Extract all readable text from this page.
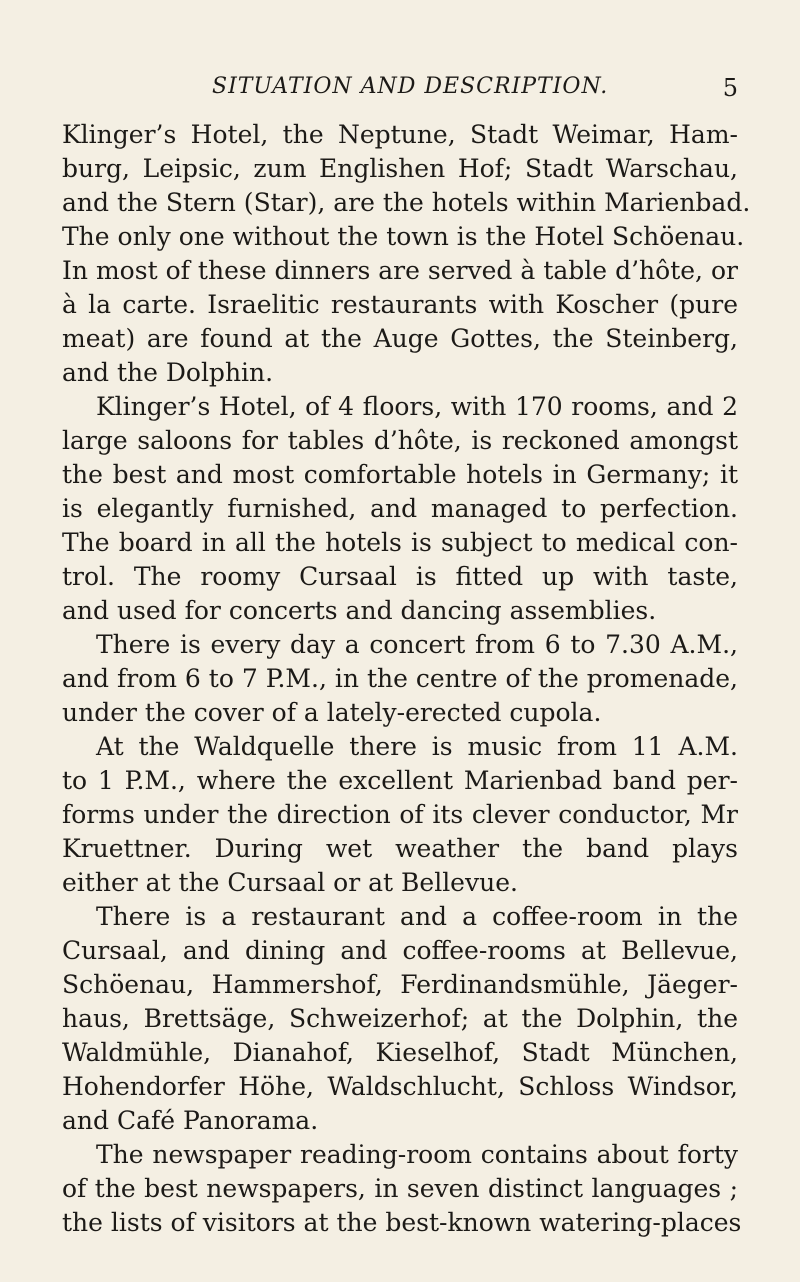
SITUATION AND DESCRIPTION.	5
Klinger’s Hotel, the Neptune, Stadt Weimar, Ham-
burg, Leipsic, zum Englishen Hof; Stadt Warschau,
and the Stern (Star), are the hotels within Marienbad.
The only one without the town is the Hotel Schöenau.
In most of these dinners are served à table d’hôte, or
à la carte. Israelitic restaurants with Koscher (pure
meat) are found at the Auge Gottes, the Steinberg,
and the Dolphin.
Klinger’s Hotel, of 4 floors, with 170 rooms, and 2
large saloons for tables d’hôte, is reckoned amongst
the best and most comfortable hotels in Germany; it
is elegantly furnished, and managed to perfection.
The board in all the hotels is subject to medical con-
trol. The roomy Cursaal is fitted up with taste,
and used for concerts and dancing assemblies.
There is every day a concert from 6 to 7.30 A.M.,
and from 6 to 7 P.M., in the centre of the promenade,
under the cover of a lately-erected cupola.
At the Waldquelle there is music from 11 A.M.
to 1 P.M., where the excellent Marienbad band per-
forms under the direction of its clever conductor, Mr
Kruettner. During wet weather the band plays
either at the Cursaal or at Bellevue.
There is a restaurant and a coffee-room in the
Cursaal, and dining and coffee-rooms at Bellevue,
Schöenau, Hammershof, Ferdinandsmühle, Jäeger-
haus, Brettsäge, Schweizerhof; at the Dolphin, the
Waldmühle, Dianahof, Kieselhof, Stadt München,
Hohendorfer Höhe, Waldschlucht, Schloss Windsor,
and Café Panorama.
The newspaper reading-room contains about forty
of the best newspapers, in seven distinct languages ;
the lists of visitors at the best-known watering-places
